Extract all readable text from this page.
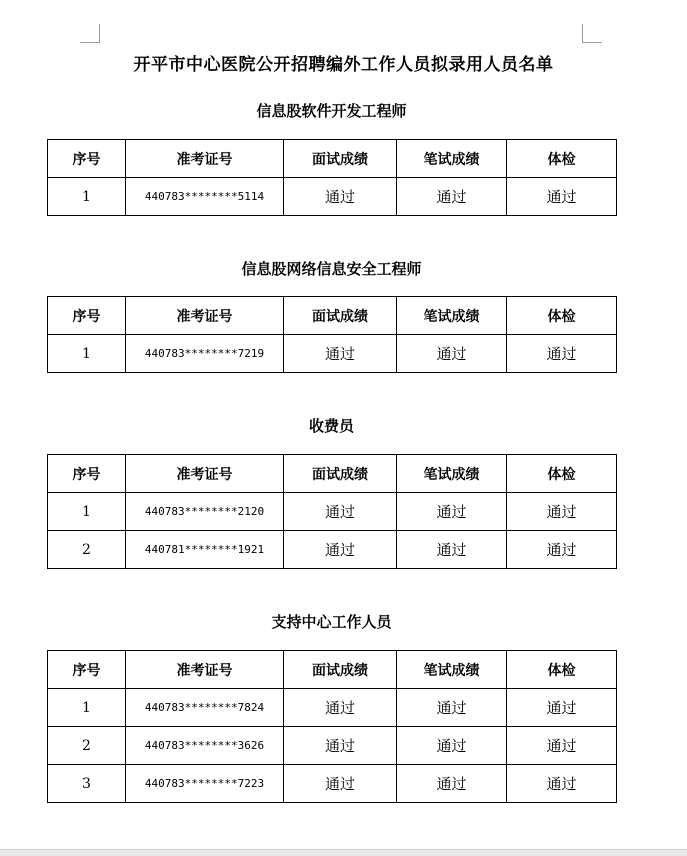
开平市中心医院公开招聘编外工作人员拟录用人员名单
信息股软件开发工程师
序号	准考证号	面试成绩	笔试成绩	体检
1	440783********5114	通过	通过	通过
信息股网络信息安全工程师
序号	准考证号	面试成绩	笔试成绩	体检
1	440783********7219	通过	通过	通过
收费员
序号	准考证号	面试成绩	笔试成绩	体检
1	440783********2120	通过	通过	通过
2	440781********1921	通过	通过	通过
支持中心工作人员
序号	准考证号	面试成绩	笔试成绩	体检
1	440783********7824	通过	通过	通过
2	440783********3626	通过	通过	通过
3	440783********7223	通过	通过	通过
